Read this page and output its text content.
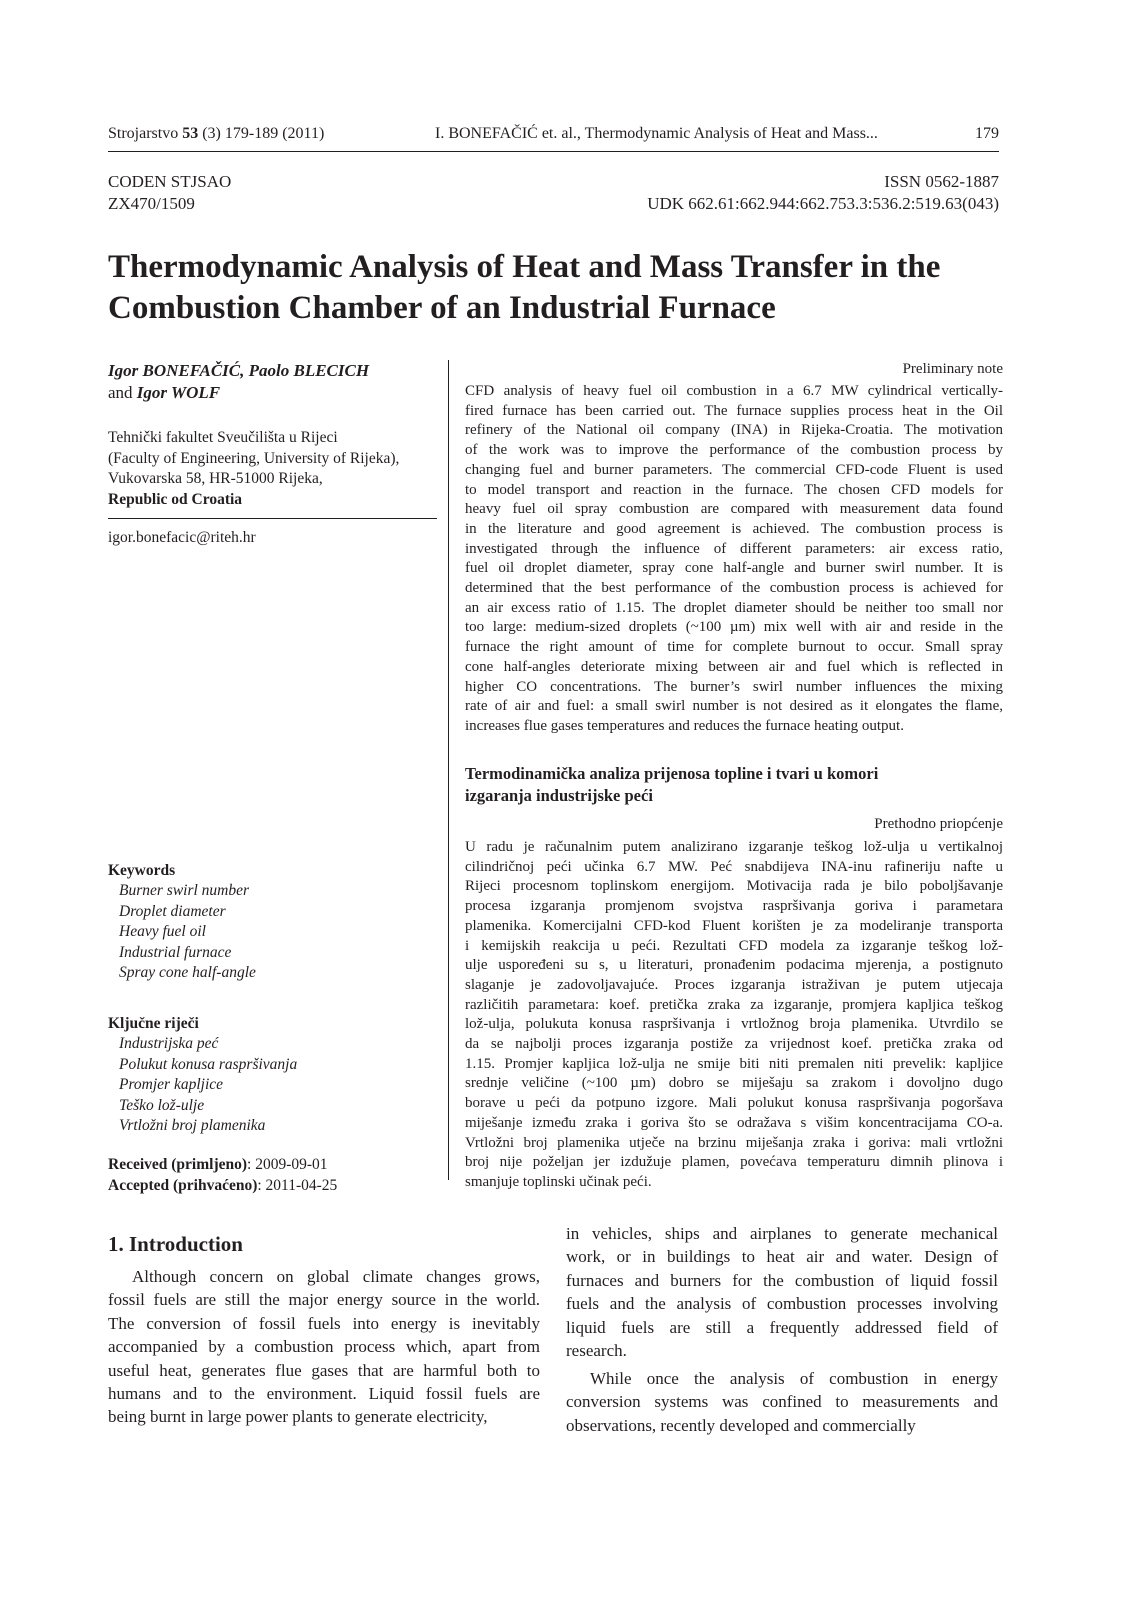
Strojarstvo 53 (3) 179-189 (2011)	I. BONEFAČIĆ et. al., Thermodynamic Analysis of Heat and Mass...	179
CODEN STJSAO
ZX470/1509
ISSN 0562-1887
UDK 662.61:662.944:662.753.3:536.2:519.63(043)
Thermodynamic Analysis of Heat and Mass Transfer in the
Combustion Chamber of an Industrial Furnace
Igor BONEFAČIĆ, Paolo BLECICH
and Igor WOLF
Tehnički fakultet Sveučilišta u Rijeci
(Faculty of Engineering, University of Rijeka),
Vukovarska 58, HR-51000 Rijeka,
Republic od Croatia
igor.bonefacic@riteh.hr
Preliminary note
CFD analysis of heavy fuel oil combustion in a 6.7 MW cylindrical vertically-
fired furnace has been carried out. The furnace supplies process heat in the Oil
refinery of the National oil company (INA) in Rijeka-Croatia. The motivation
of the work was to improve the performance of the combustion process by
changing fuel and burner parameters. The commercial CFD-code Fluent is used
to model transport and reaction in the furnace. The chosen CFD models for
heavy fuel oil spray combustion are compared with measurement data found
in the literature and good agreement is achieved. The combustion process is
investigated through the influence of different parameters: air excess ratio,
fuel oil droplet diameter, spray cone half-angle and burner swirl number. It is
determined that the best performance of the combustion process is achieved for
an air excess ratio of 1.15. The droplet diameter should be neither too small nor
too large: medium-sized droplets (~100 µm) mix well with air and reside in the
furnace the right amount of time for complete burnout to occur. Small spray
cone half-angles deteriorate mixing between air and fuel which is reflected in
higher CO concentrations. The burner’s swirl number influences the mixing
rate of air and fuel: a small swirl number is not desired as it elongates the flame,
increases flue gases temperatures and reduces the furnace heating output.
Termodinamička analiza prijenosa topline i tvari u komori
izgaranja industrijske peći
Prethodno priopćenje
U radu je računalnim putem analizirano izgaranje teškog lož-ulja u vertikalnoj
cilindričnoj peći učinka 6.7 MW. Peć snabdijeva INA-inu rafineriju nafte u
Rijeci procesnom toplinskom energijom. Motivacija rada je bilo poboljšavanje
procesa izgaranja promjenom svojstva raspršivanja goriva i parametara
plamenika. Komercijalni CFD-kod Fluent korišten je za modeliranje transporta
i kemijskih reakcija u peći. Rezultati CFD modela za izgaranje teškog lož-
ulje uspoređeni su s, u literaturi, pronađenim podacima mjerenja, a postignuto
slaganje je zadovoljavajuće. Proces izgaranja istraživan je putem utjecaja
različitih parametara: koef. pretička zraka za izgaranje, promjera kapljica teškog
lož-ulja, polukuta konusa raspršivanja i vrtložnog broja plamenika. Utvrdilo se
da se najbolji proces izgaranja postiže za vrijednost koef. pretička zraka od
1.15. Promjer kapljica lož-ulja ne smije biti niti premalen niti prevelik: kapljice
srednje veličine (~100 µm) dobro se miješaju sa zrakom i dovoljno dugo
borave u peći da potpuno izgore. Mali polukut konusa raspršivanja pogoršava
miješanje između zraka i goriva što se odražava s višim koncentracijama CO-a.
Vrtložni broj plamenika utječe na brzinu miješanja zraka i goriva: mali vrtložni
broj nije poželjan jer izdužuje plamen, povećava temperaturu dimnih plinova i
smanjuje toplinski učinak peći.
Keywords
Burner swirl number
Droplet diameter
Heavy fuel oil
Industrial furnace
Spray cone half-angle
Ključne riječi
Industrijska peć
Polukut konusa raspršivanja
Promjer kapljice
Teško lož-ulje
Vrtložni broj plamenika
Received (primljeno): 2009-09-01
Accepted (prihvaćeno): 2011-04-25
1. Introduction
Although concern on global climate changes grows,
fossil fuels are still the major energy source in the world.
The conversion of fossil fuels into energy is inevitably
accompanied by a combustion process which, apart from
useful heat, generates flue gases that are harmful both to
humans and to the environment. Liquid fossil fuels are
being burnt in large power plants to generate electricity,
in vehicles, ships and airplanes to generate mechanical
work, or in buildings to heat air and water. Design of
furnaces and burners for the combustion of liquid fossil
fuels and the analysis of combustion processes involving
liquid fuels are still a frequently addressed field of
research.
While once the analysis of combustion in energy
conversion systems was confined to measurements and
observations, recently developed and commercially
